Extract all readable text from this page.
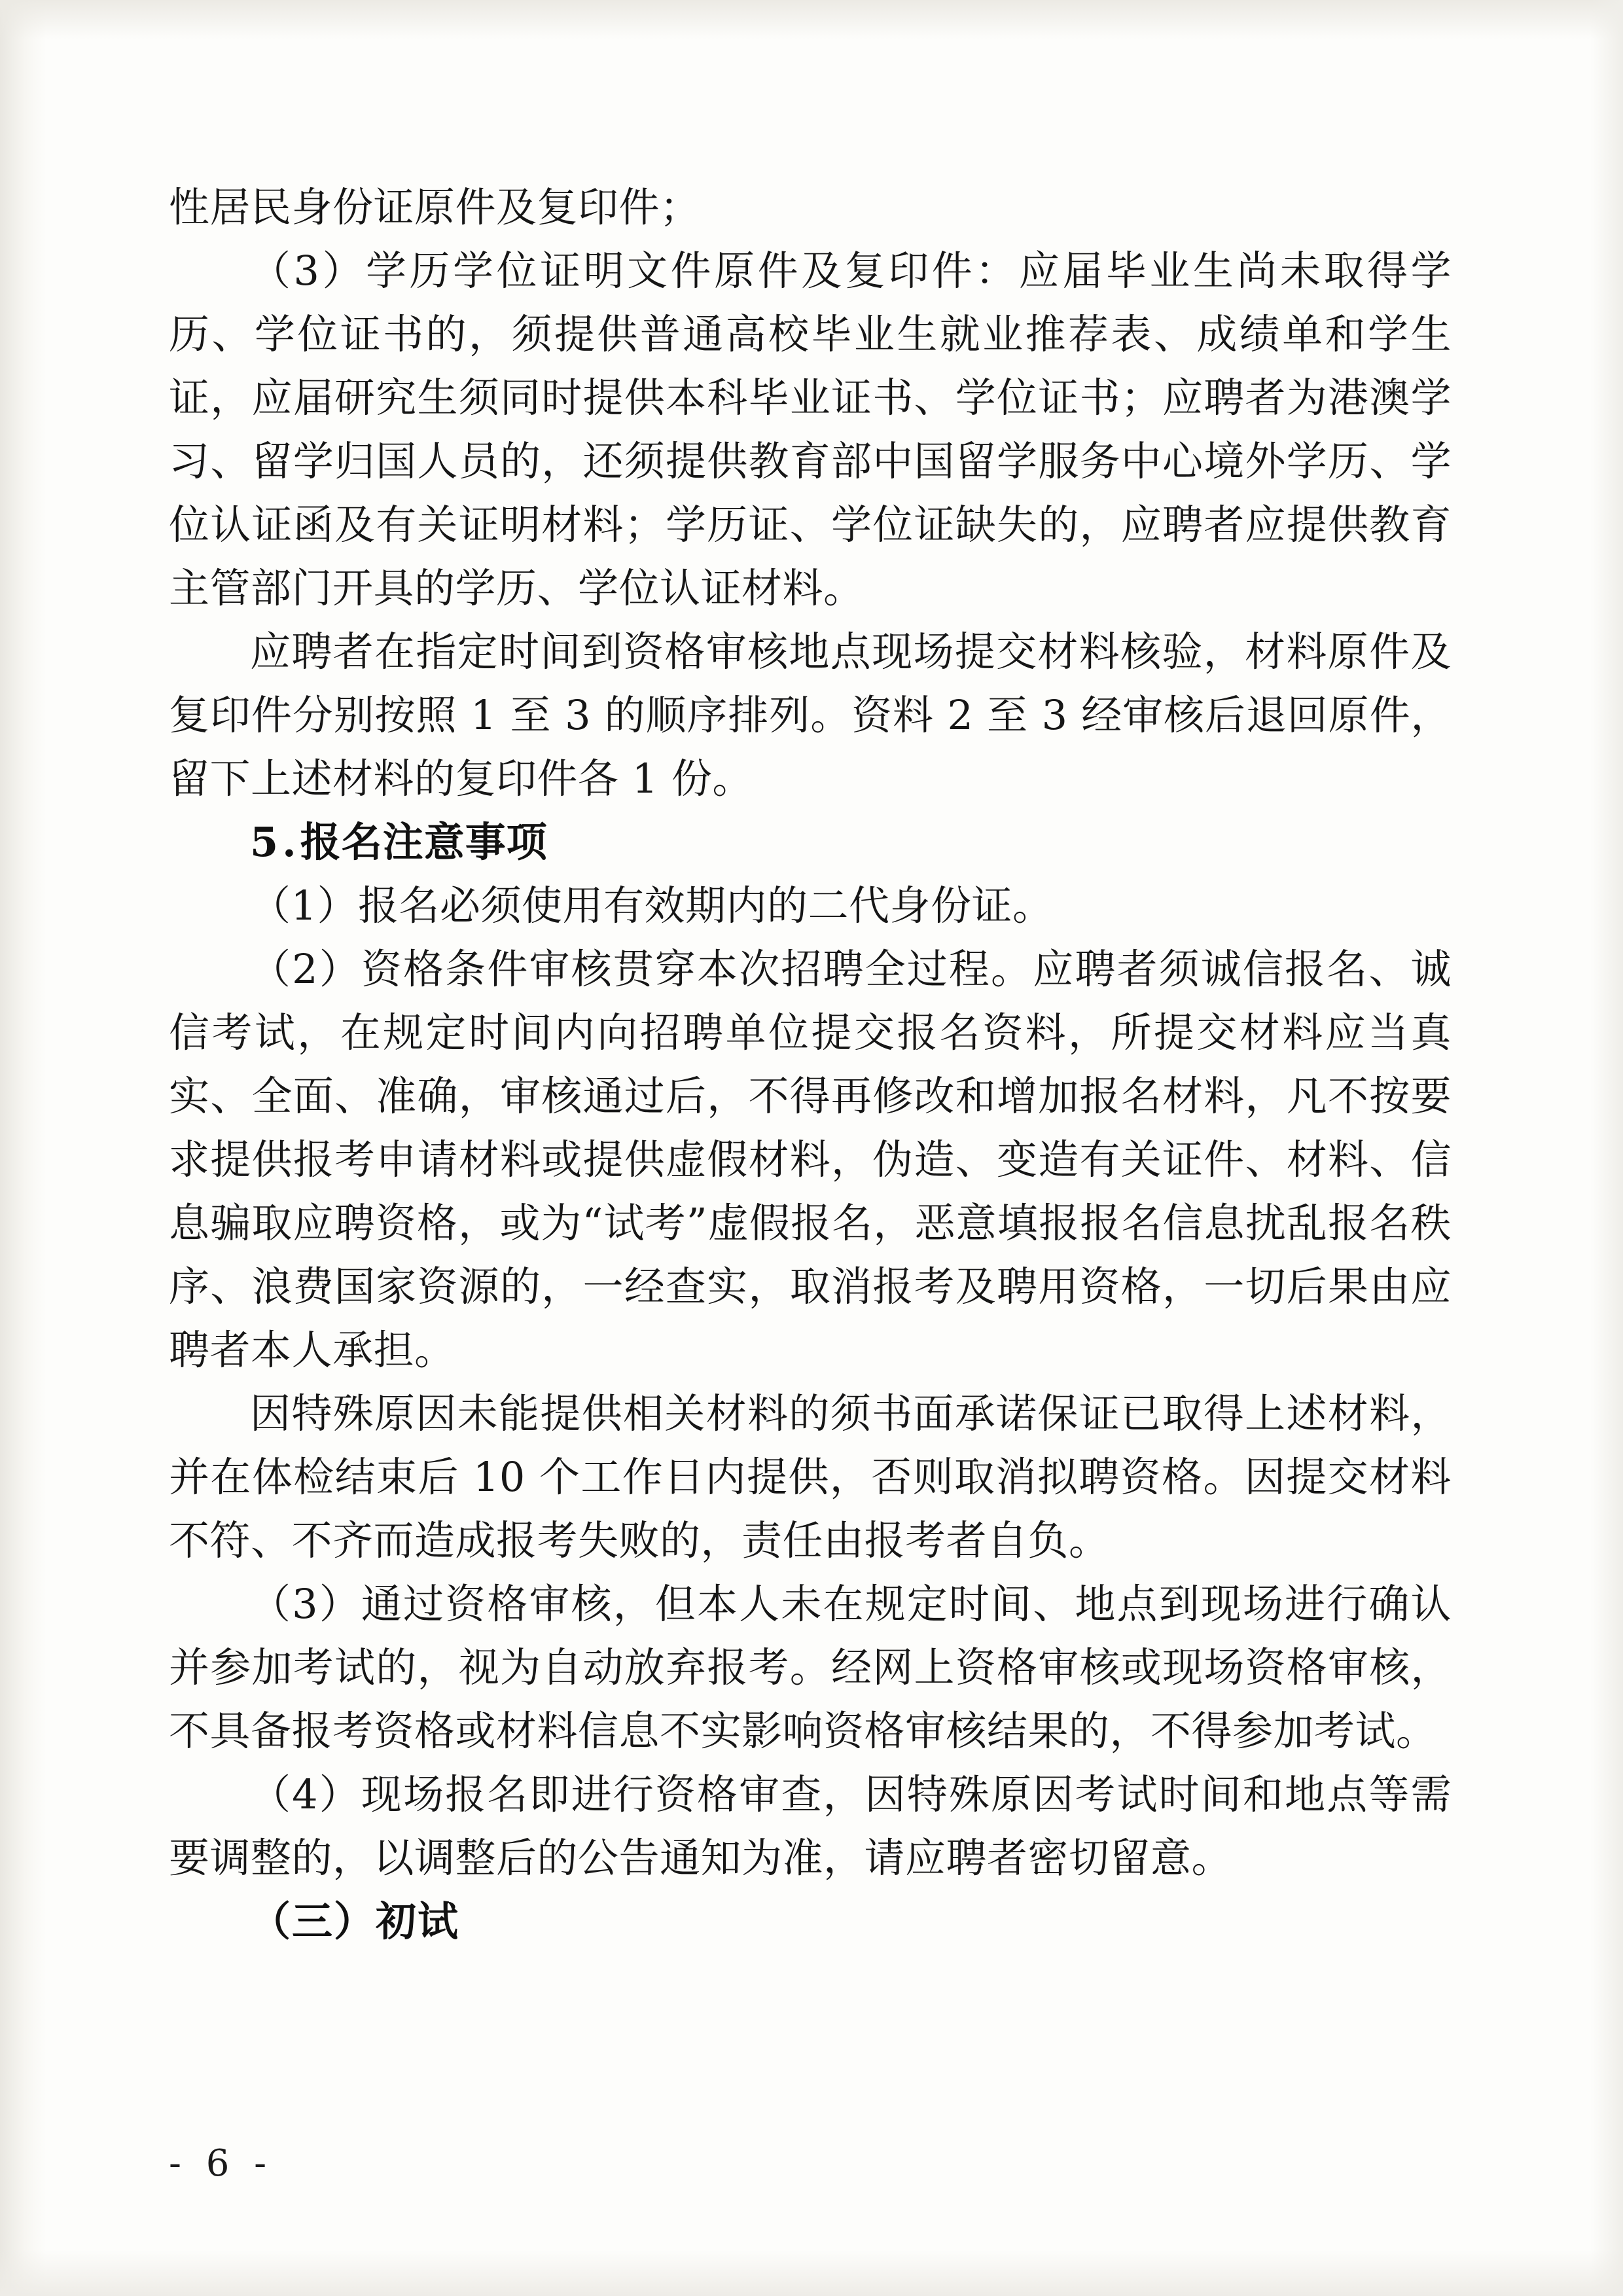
性居民身份证原件及复印件；

（3）学历学位证明文件原件及复印件：应届毕业生尚未取得学历、学位证书的，须提供普通高校毕业生就业推荐表、成绩单和学生证，应届研究生须同时提供本科毕业证书、学位证书；应聘者为港澳学习、留学归国人员的，还须提供教育部中国留学服务中心境外学历、学位认证函及有关证明材料；学历证、学位证缺失的，应聘者应提供教育主管部门开具的学历、学位认证材料。

应聘者在指定时间到资格审核地点现场提交材料核验，材料原件及复印件分别按照 1 至 3 的顺序排列。资料 2 至 3 经审核后退回原件，留下上述材料的复印件各 1 份。

5.报名注意事项

（1）报名必须使用有效期内的二代身份证。

（2）资格条件审核贯穿本次招聘全过程。应聘者须诚信报名、诚信考试，在规定时间内向招聘单位提交报名资料，所提交材料应当真实、全面、准确，审核通过后，不得再修改和增加报名材料，凡不按要求提供报考申请材料或提供虚假材料，伪造、变造有关证件、材料、信息骗取应聘资格，或为“试考”虚假报名，恶意填报报名信息扰乱报名秩序、浪费国家资源的，一经查实，取消报考及聘用资格，一切后果由应聘者本人承担。

因特殊原因未能提供相关材料的须书面承诺保证已取得上述材料，并在体检结束后 10 个工作日内提供，否则取消拟聘资格。因提交材料不符、不齐而造成报考失败的，责任由报考者自负。

（3）通过资格审核，但本人未在规定时间、地点到现场进行确认并参加考试的，视为自动放弃报考。经网上资格审核或现场资格审核，不具备报考资格或材料信息不实影响资格审核结果的，不得参加考试。

（4）现场报名即进行资格审查，因特殊原因考试时间和地点等需要调整的，以调整后的公告通知为准，请应聘者密切留意。

（三）初试
- 6 -
